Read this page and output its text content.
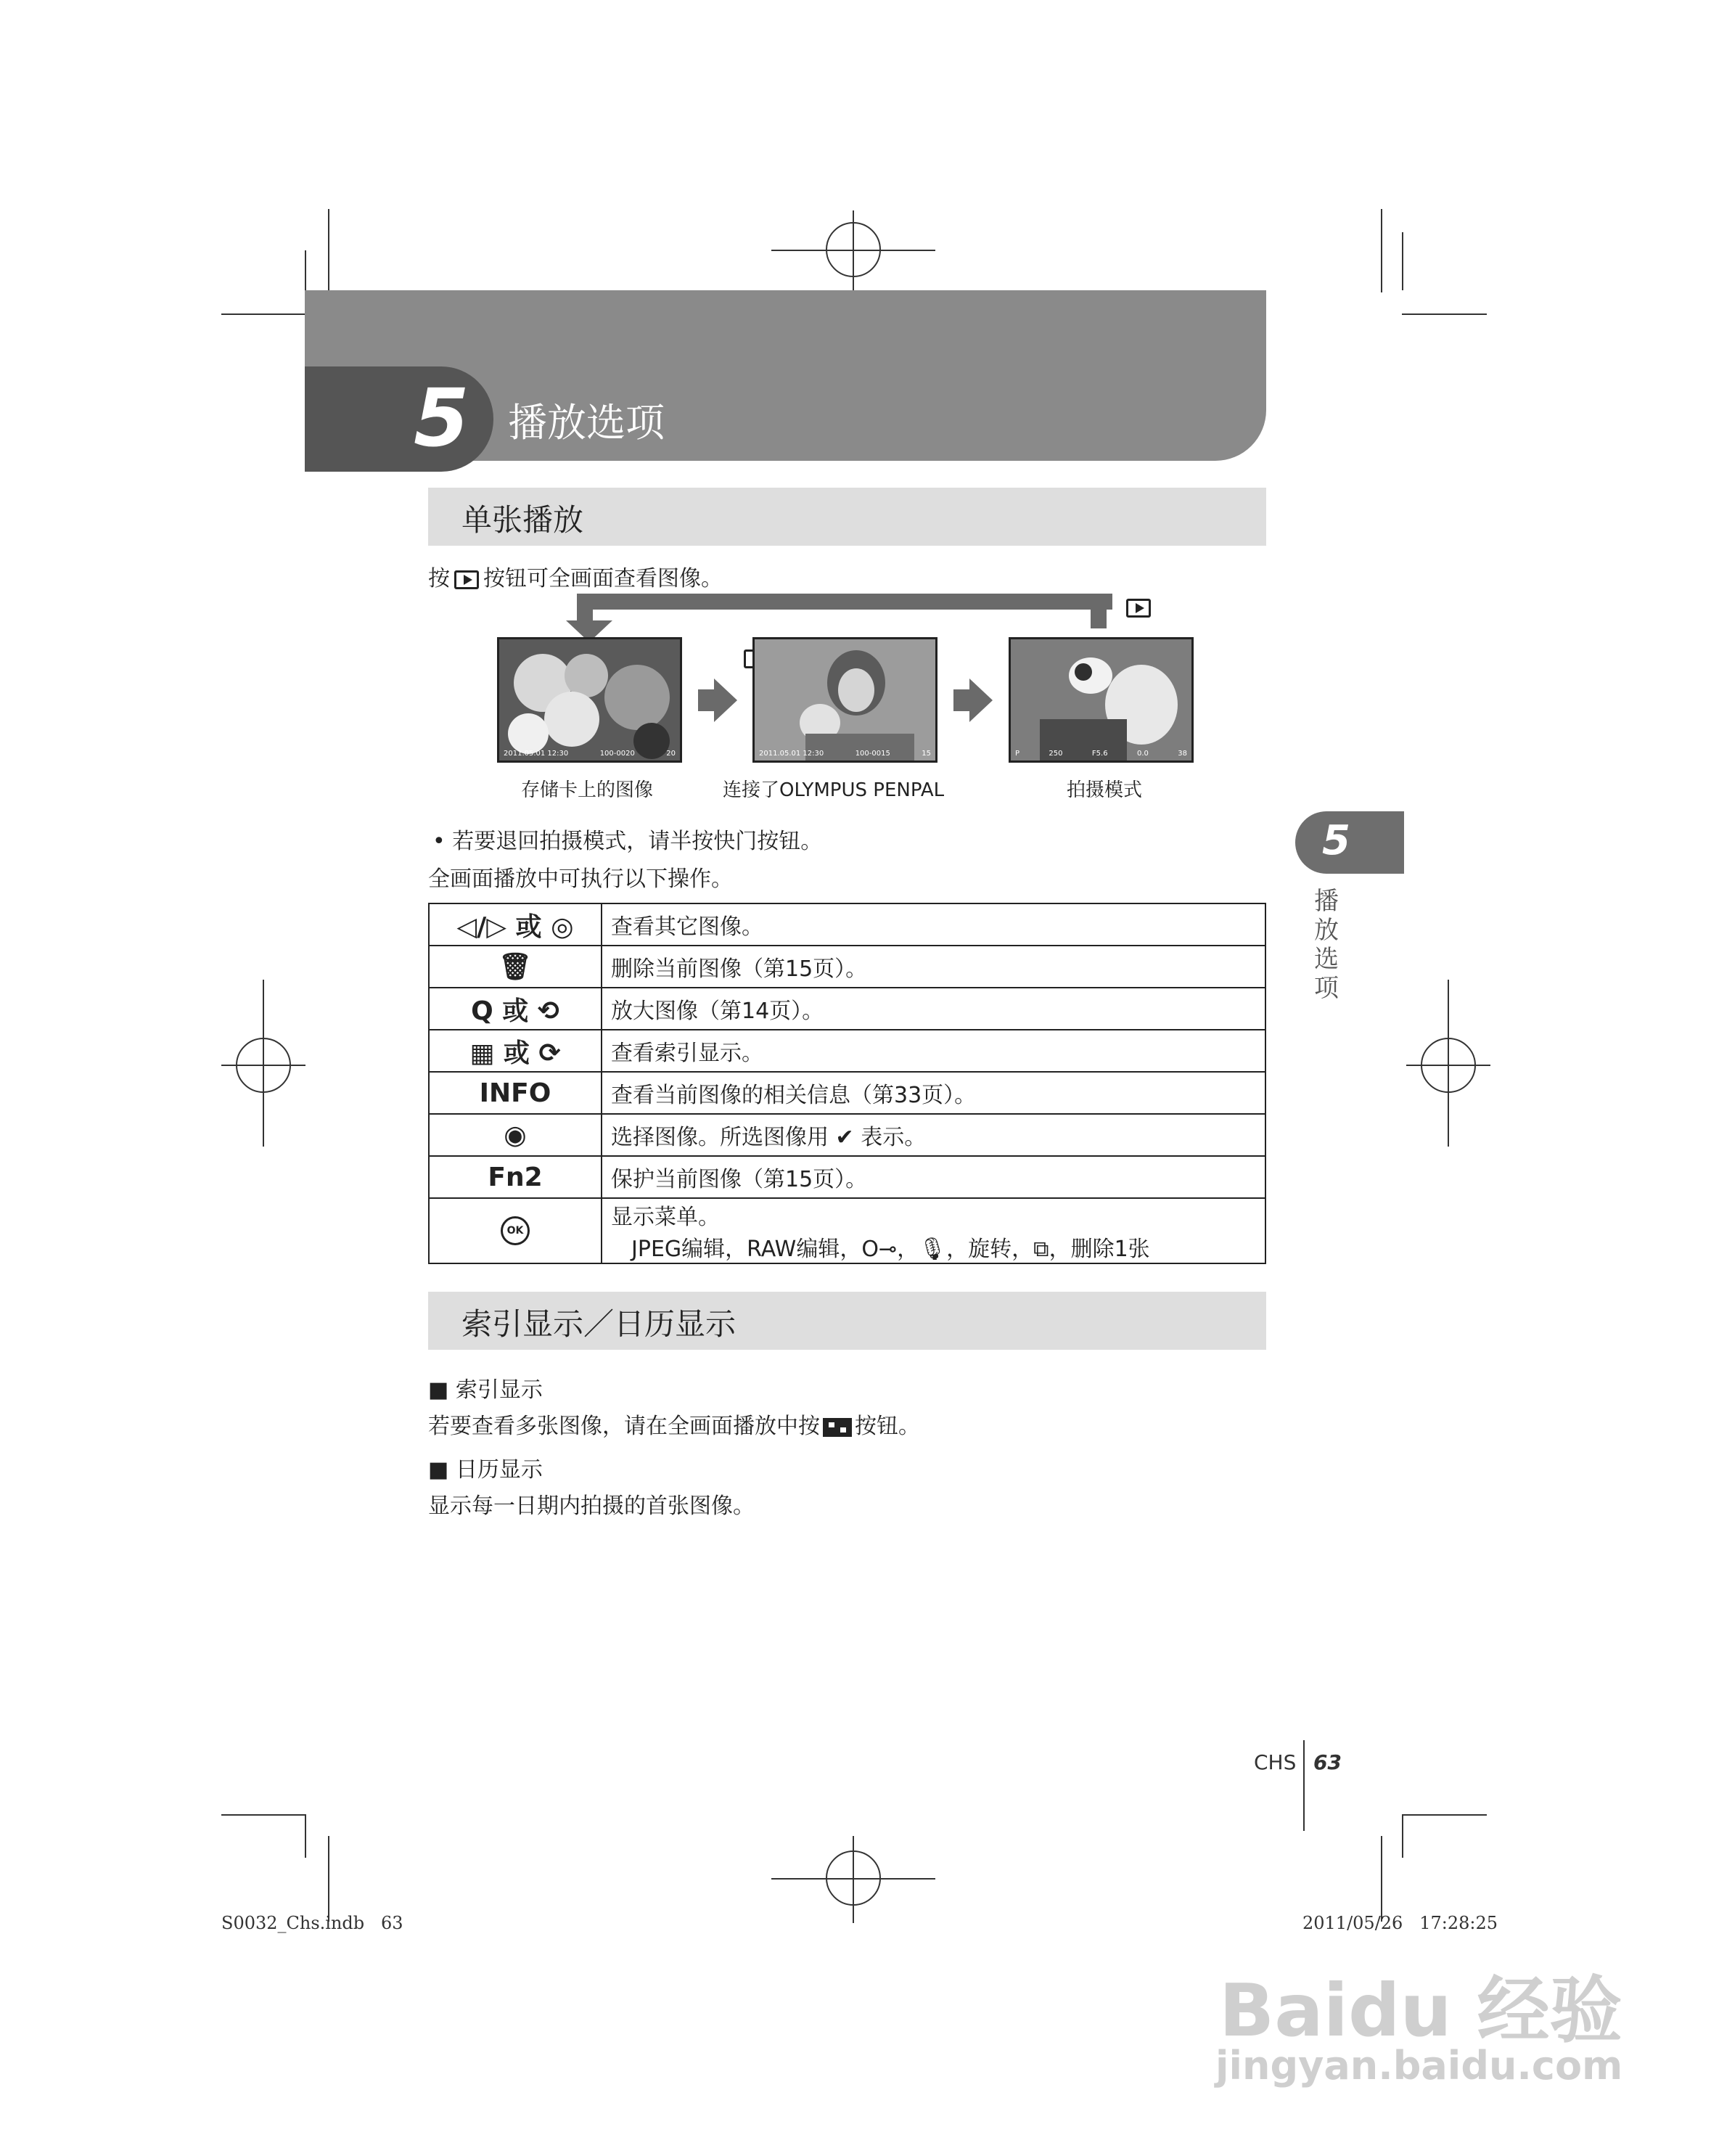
5 播放选项
单张播放
按 按钮可全画面查看图像。

2011.05.01 12:30	100-0020	20
	2011.05.01 12:30	100-0015	15	P	250	F5.6	0.0	38
存储卡上的图像	连接了OLYMPUS PENPAL	拍摄模式
• 若要退回拍摄模式，请半按快门按钮。
全画面播放中可执行以下操作。
◁/▷ 或 ◎	查看其它图像。
🗑	删除当前图像（第15页）。
Q 或 ⟲	放大图像（第14页）。
▦ 或 ⟳	查看索引显示。
INFO	查看当前图像的相关信息（第33页）。
◉	选择图像。所选图像用 ✔ 表示。
Fn2	保护当前图像（第15页）。
OK	显示菜单。
JPEG编辑，RAW编辑，O⊸，🎙，旋转，⧉，删除1张
索引显示／日历显示
■ 索引显示
若要查看多张图像，请在全画面播放中按 按钮。
■ 日历显示
显示每一日期内拍摄的首张图像。
5
播放选项
CHS 63
S0032_Chs.indb   63	2011/05/26   17:28:25
Baidu 经验
jingyan.baidu.com
